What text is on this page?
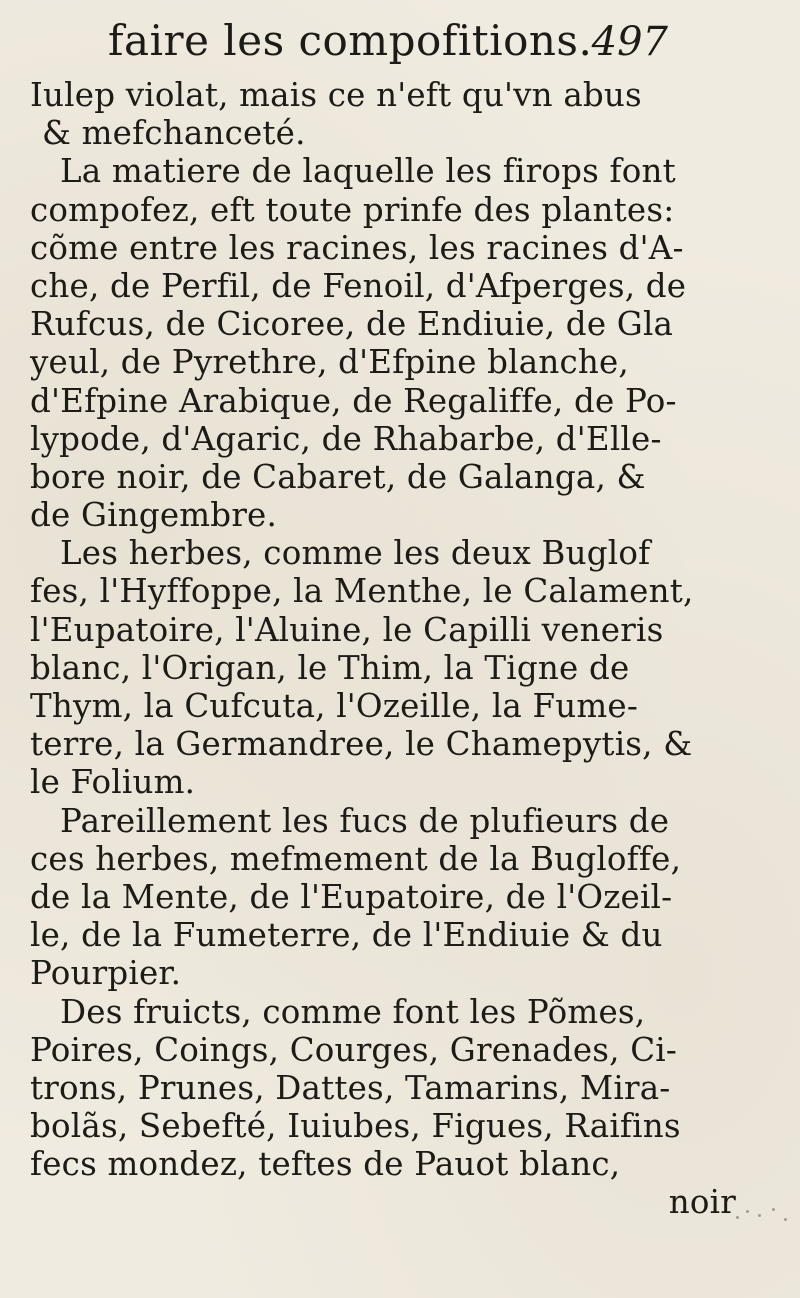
faire les compofitions. 497
Iulep violat, mais ce n'eft qu'vn abus
& mefchanceté.
La matiere de laquelle les firops font
compofez, eft toute prinfe des plantes:
cõme entre les racines, les racines d'A-
che, de Perfil, de Fenoil, d'Afperges, de
Rufcus, de Cicoree, de Endiuie, de Gla
yeul, de Pyrethre, d'Efpine blanche,
d'Efpine Arabique, de Regaliffe, de Po-
lypode, d'Agaric, de Rhabarbe, d'Elle-
bore noir, de Cabaret, de Galanga, &
de Gingembre.
Les herbes, comme les deux Buglof
fes, l'Hyffoppe, la Menthe, le Calament,
l'Eupatoire, l'Aluine, le Capilli veneris
blanc, l'Origan, le Thim, la Tigne de
Thym, la Cufcuta, l'Ozeille, la Fume-
terre, la Germandree, le Chamepytis, &
le Folium.
Pareillement les fucs de plufieurs de
ces herbes, mefmement de la Bugloffe,
de la Mente, de l'Eupatoire, de l'Ozeil-
le, de la Fumeterre, de l'Endiuie & du
Pourpier.
Des fruicts, comme font les Põmes,
Poires, Coings, Courges, Grenades, Ci-
trons, Prunes, Dattes, Tamarins, Mira-
bolãs, Sebefté, Iuiubes, Figues, Raifins
fecs mondez, teftes de Pauot blanc,
noir
